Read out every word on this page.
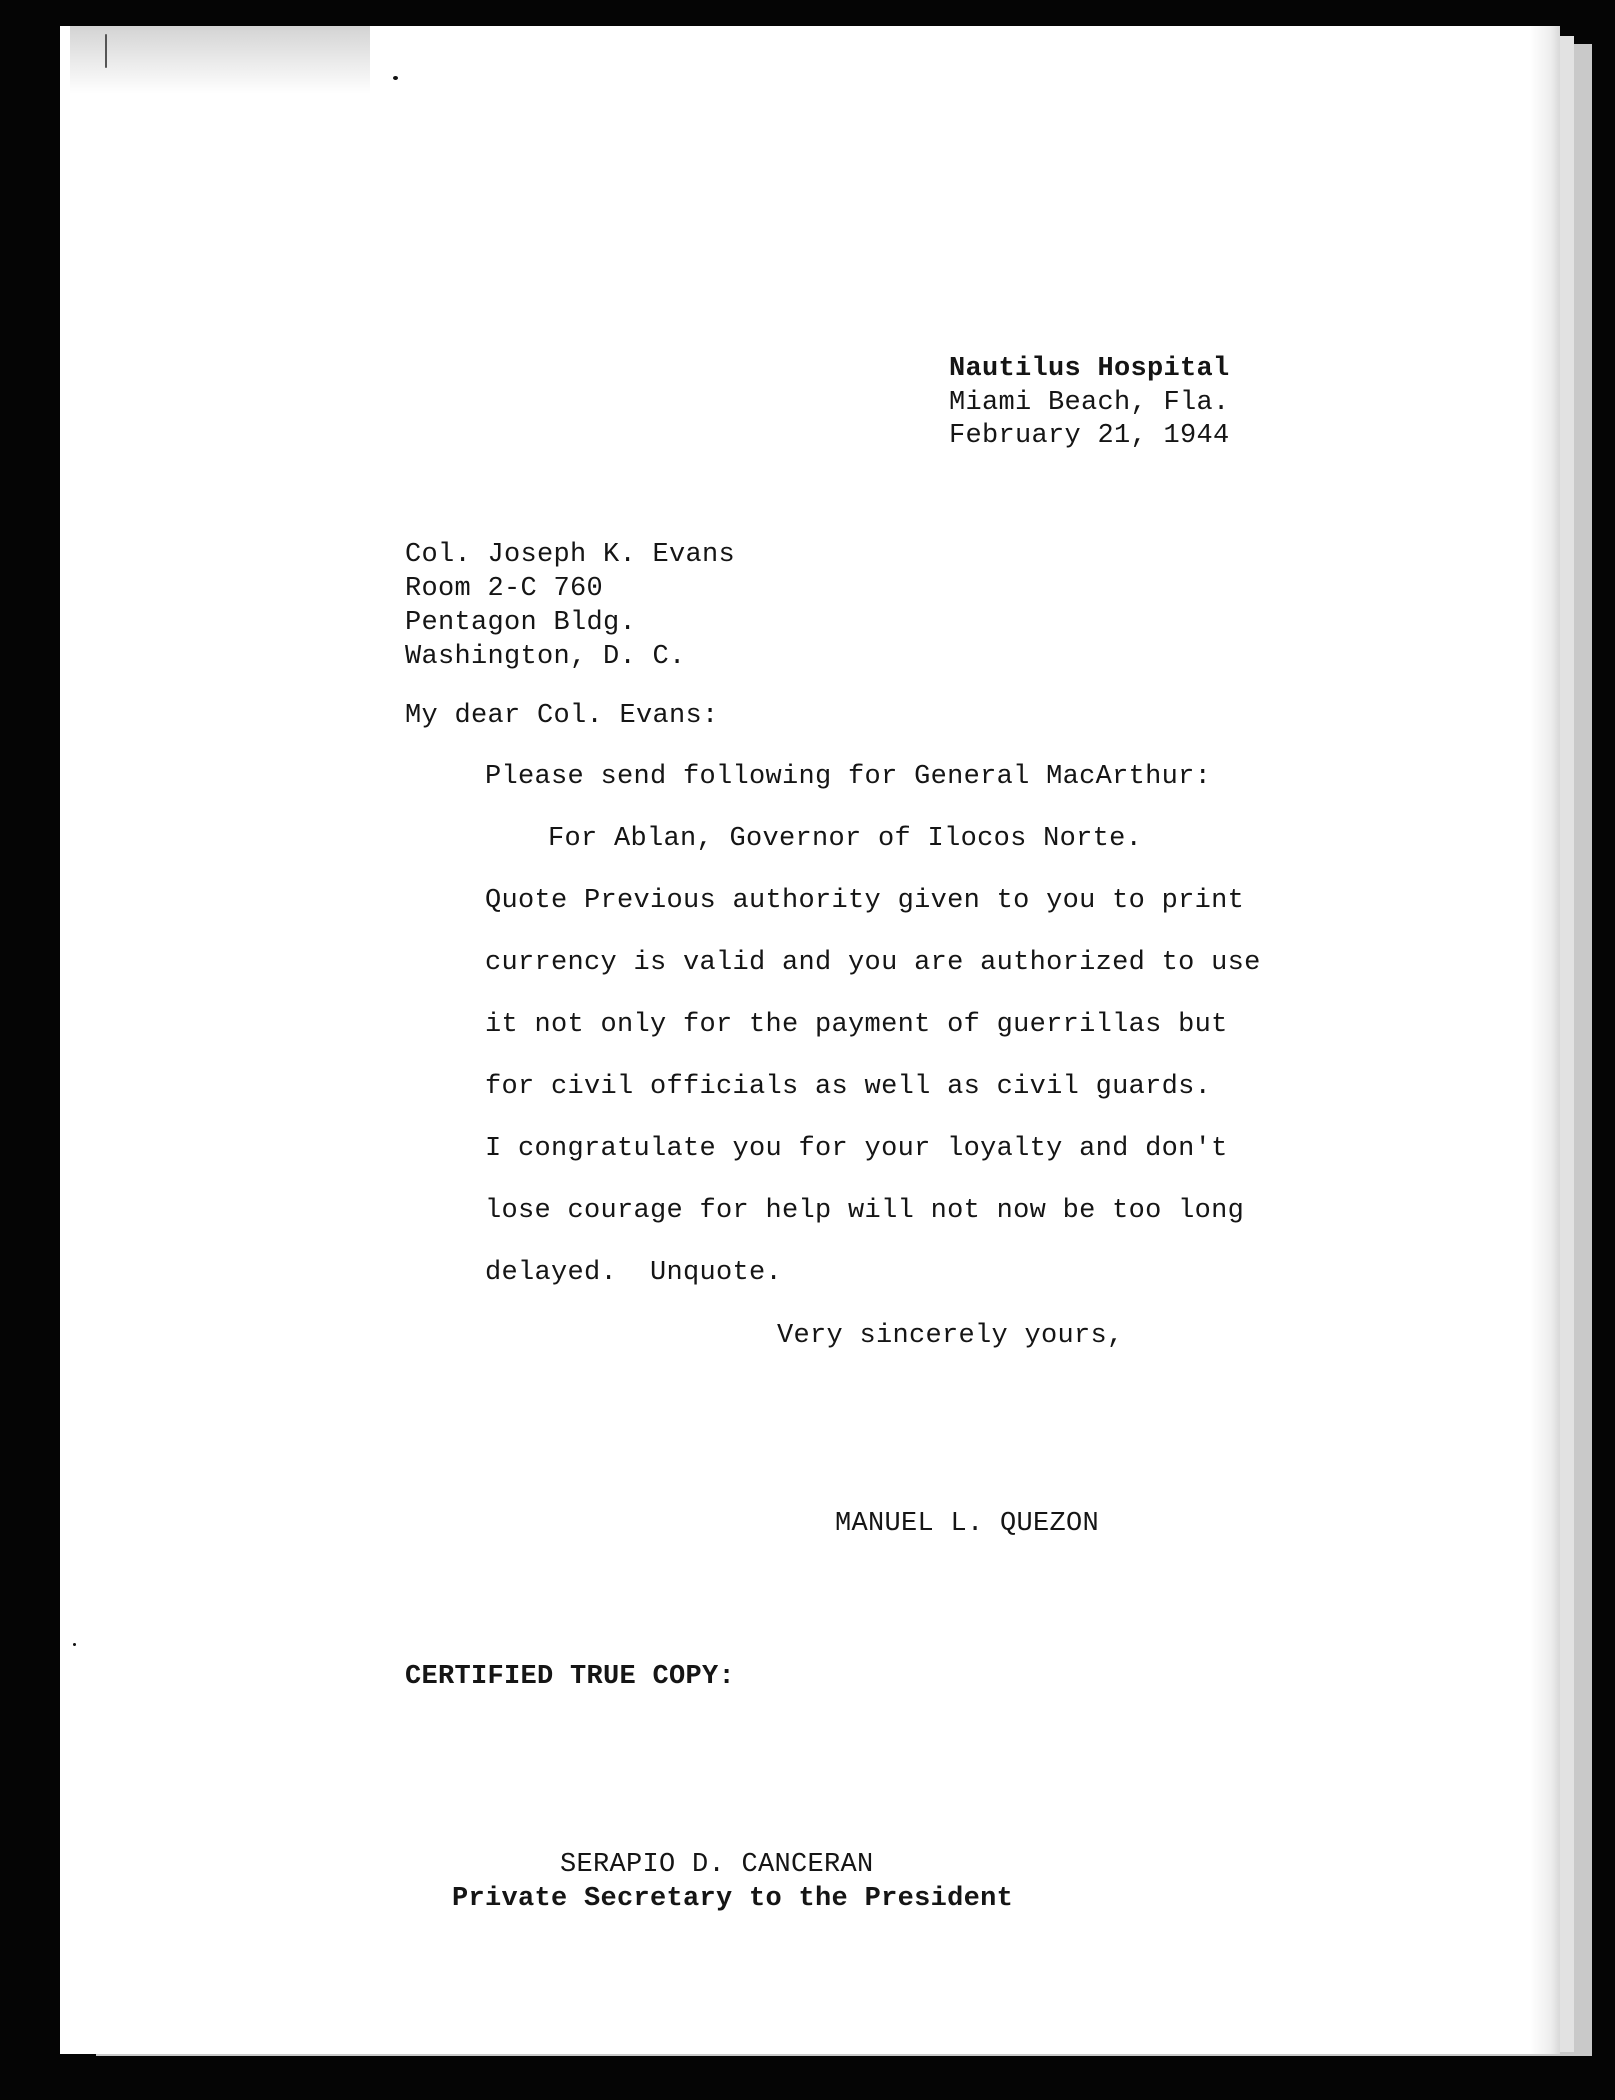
Nautilus Hospital
Miami Beach, Fla.
February 21, 1944
Col. Joseph K. Evans
Room 2-C 760
Pentagon Bldg.
Washington, D. C.
My dear Col. Evans:
Please send following for General MacArthur:
For Ablan, Governor of Ilocos Norte.
Quote Previous authority given to you to print
currency is valid and you are authorized to use
it not only for the payment of guerrillas but
for civil officials as well as civil guards.
I congratulate you for your loyalty and don't
lose courage for help will not now be too long
delayed.  Unquote.
Very sincerely yours,
MANUEL L. QUEZON
CERTIFIED TRUE COPY:
SERAPIO D. CANCERAN
Private Secretary to the President
